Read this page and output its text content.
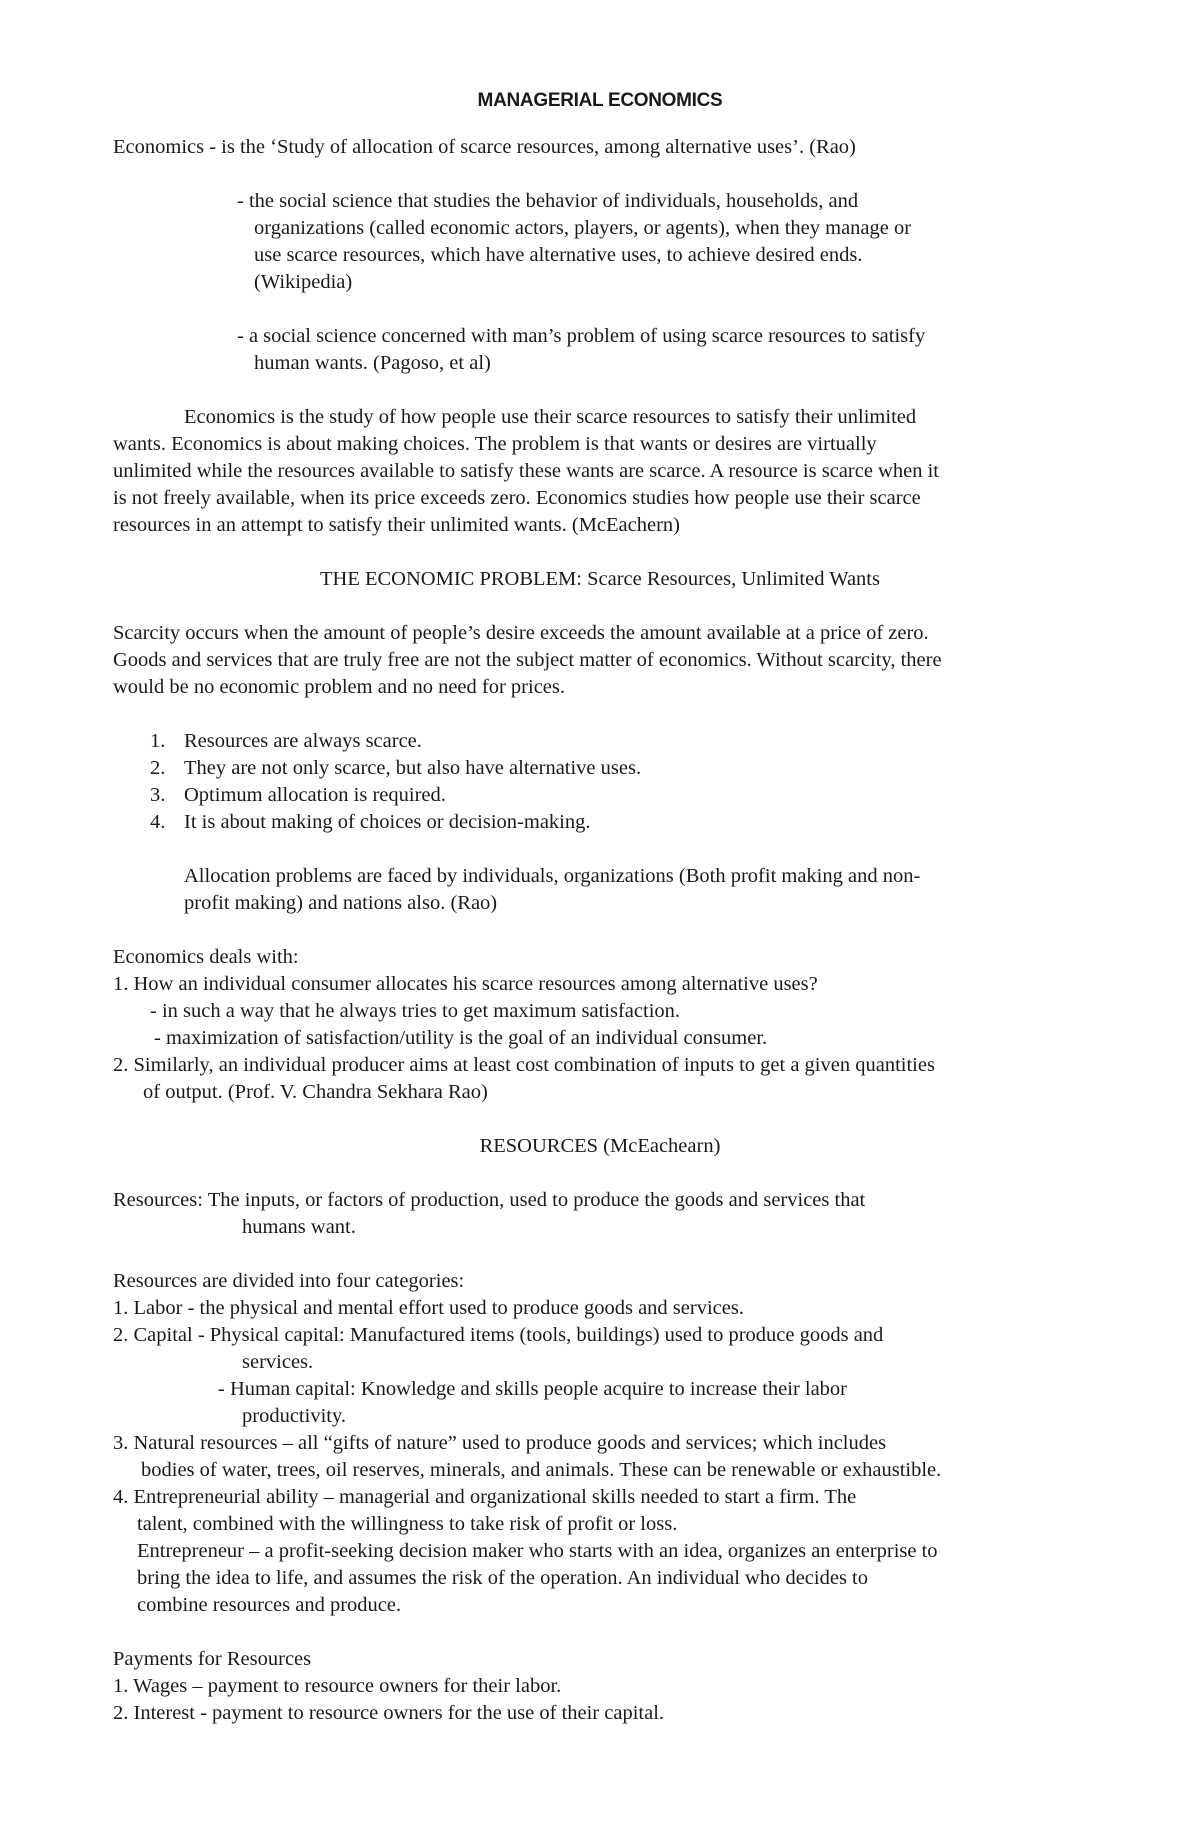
MANAGERIAL ECONOMICS
Economics - is the ‘Study of allocation of scarce resources, among alternative uses’. (Rao)
- the social science that studies the behavior of individuals, households, and
organizations (called economic actors, players, or agents), when they manage or
use scarce resources, which have alternative uses, to achieve desired ends.
(Wikipedia)
- a social science concerned with man’s problem of using scarce resources to satisfy
human wants. (Pagoso, et al)
Economics is the study of how people use their scarce resources to satisfy their unlimited
wants. Economics is about making choices. The problem is that wants or desires are virtually
unlimited while the resources available to satisfy these wants are scarce. A resource is scarce when it
is not freely available, when its price exceeds zero. Economics studies how people use their scarce
resources in an attempt to satisfy their unlimited wants. (McEachern)
THE ECONOMIC PROBLEM: Scarce Resources, Unlimited Wants
Scarcity occurs when the amount of people’s desire exceeds the amount available at a price of zero.
Goods and services that are truly free are not the subject matter of economics. Without scarcity, there
would be no economic problem and no need for prices.
1. Resources are always scarce.
2. They are not only scarce, but also have alternative uses.
3. Optimum allocation is required.
4. It is about making of choices or decision-making.
Allocation problems are faced by individuals, organizations (Both profit making and non-
profit making) and nations also. (Rao)
Economics deals with:
1. How an individual consumer allocates his scarce resources among alternative uses?
- in such a way that he always tries to get maximum satisfaction.
- maximization of satisfaction/utility is the goal of an individual consumer.
2. Similarly, an individual producer aims at least cost combination of inputs to get a given quantities
of output. (Prof. V. Chandra Sekhara Rao)
RESOURCES (McEachearn)
Resources: The inputs, or factors of production, used to produce the goods and services that
humans want.
Resources are divided into four categories:
1. Labor - the physical and mental effort used to produce goods and services.
2. Capital - Physical capital: Manufactured items (tools, buildings) used to produce goods and
services.
- Human capital: Knowledge and skills people acquire to increase their labor
productivity.
3. Natural resources – all “gifts of nature” used to produce goods and services; which includes
bodies of water, trees, oil reserves, minerals, and animals. These can be renewable or exhaustible.
4. Entrepreneurial ability – managerial and organizational skills needed to start a firm. The
talent, combined with the willingness to take risk of profit or loss.
Entrepreneur – a profit-seeking decision maker who starts with an idea, organizes an enterprise to
bring the idea to life, and assumes the risk of the operation. An individual who decides to
combine resources and produce.
Payments for Resources
1. Wages – payment to resource owners for their labor.
2. Interest - payment to resource owners for the use of their capital.
